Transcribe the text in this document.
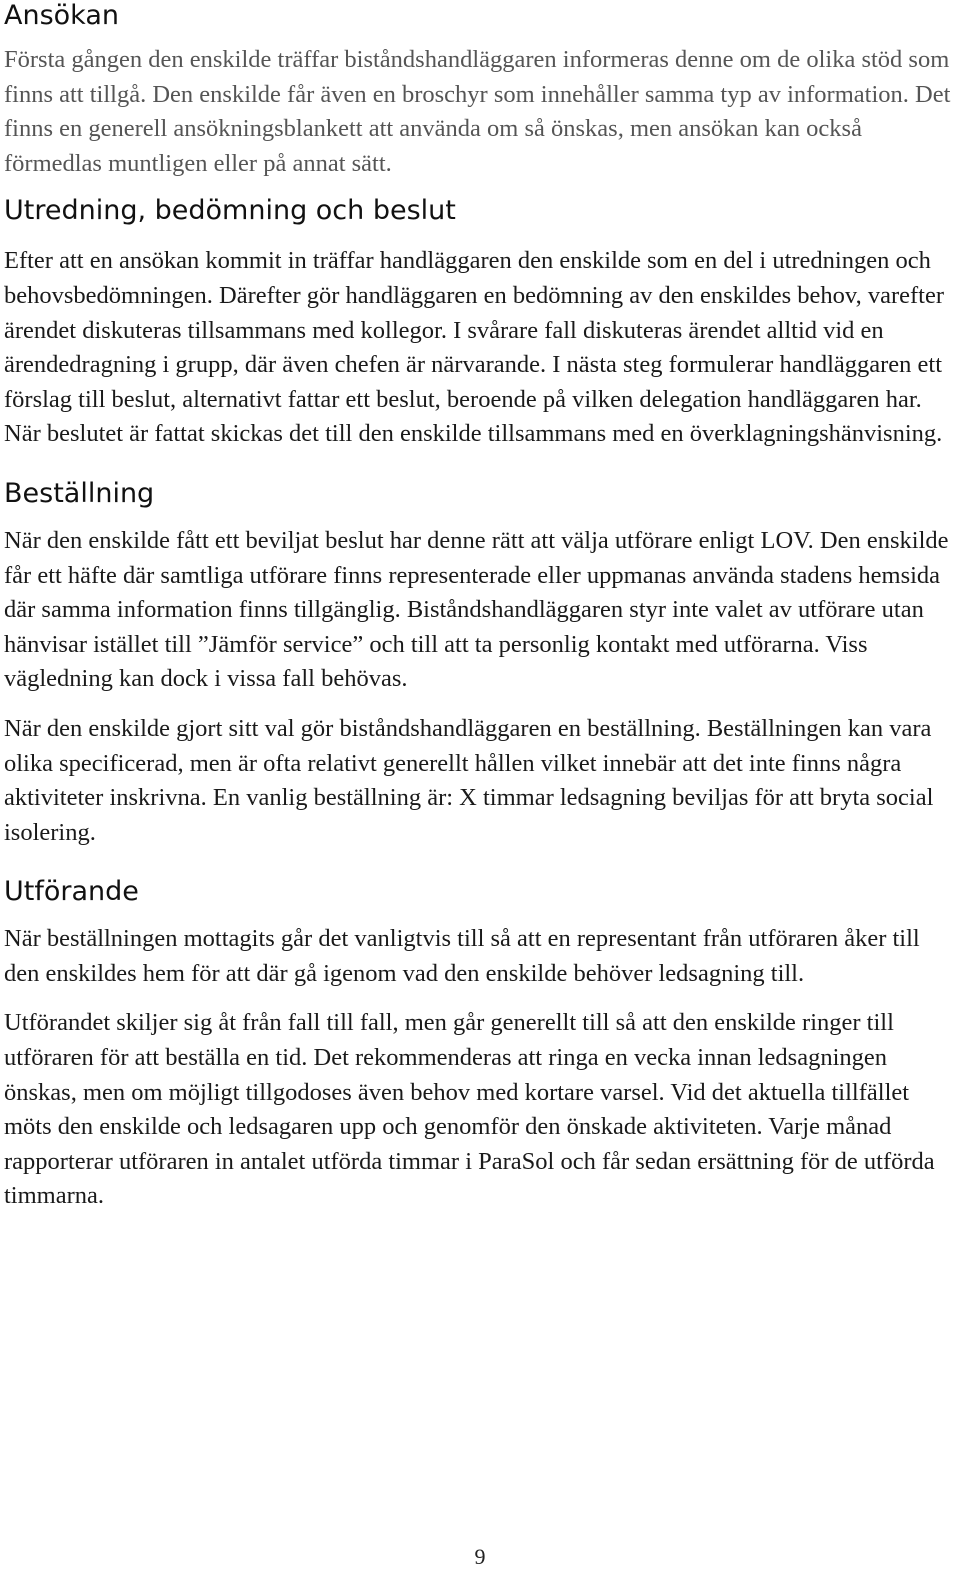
Ansökan

Första gången den enskilde träffar biståndshandläggaren informeras denne om de olika stöd som finns att tillgå. Den enskilde får även en broschyr som innehåller samma typ av information. Det finns en generell ansökningsblankett att använda om så önskas, men ansökan kan också förmedlas muntligen eller på annat sätt.

Utredning, bedömning och beslut

Efter att en ansökan kommit in träffar handläggaren den enskilde som en del i utredningen och behovsbedömningen. Därefter gör handläggaren en bedömning av den enskildes behov, varefter ärendet diskuteras tillsammans med kollegor. I svårare fall diskuteras ärendet alltid vid en ärendedragning i grupp, där även chefen är närvarande. I nästa steg formulerar handläggaren ett förslag till beslut, alternativt fattar ett beslut, beroende på vilken delegation handläggaren har. När beslutet är fattat skickas det till den enskilde tillsammans med en överklagningshänvisning.

Beställning

När den enskilde fått ett beviljat beslut har denne rätt att välja utförare enligt LOV. Den enskilde får ett häfte där samtliga utförare finns representerade eller uppmanas använda stadens hemsida där samma information finns tillgänglig. Biståndshandläggaren styr inte valet av utförare utan hänvisar istället till ”Jämför service” och till att ta personlig kontakt med utförarna. Viss vägledning kan dock i vissa fall behövas.

När den enskilde gjort sitt val gör biståndshandläggaren en beställning. Beställningen kan vara olika specificerad, men är ofta relativt generellt hållen vilket innebär att det inte finns några aktiviteter inskrivna. En vanlig beställning är: X timmar ledsagning beviljas för att bryta social isolering.

Utförande

När beställningen mottagits går det vanligtvis till så att en representant från utföraren åker till den enskildes hem för att där gå igenom vad den enskilde behöver ledsagning till.

Utförandet skiljer sig åt från fall till fall, men går generellt till så att den enskilde ringer till utföraren för att beställa en tid. Det rekommenderas att ringa en vecka innan ledsagningen önskas, men om möjligt tillgodoses även behov med kortare varsel. Vid det aktuella tillfället möts den enskilde och ledsagaren upp och genomför den önskade aktiviteten. Varje månad rapporterar utföraren in antalet utförda timmar i ParaSol och får sedan ersättning för de utförda timmarna.

9
